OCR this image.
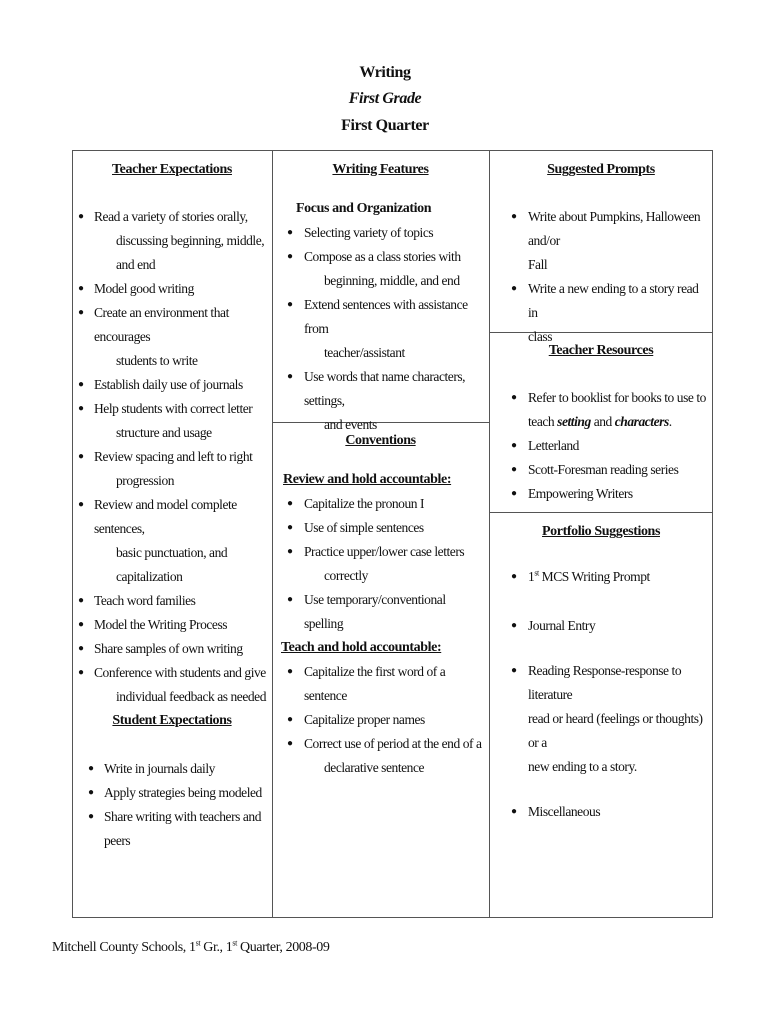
Writing
First Grade
First Quarter
Teacher Expectations
● Read a variety of stories orally,
discussing beginning, middle,
and end
● Model good writing
● Create an environment that encourages
students to write
● Establish daily use of journals
● Help students with correct letter
structure and usage
● Review spacing and left to right
progression
● Review and model complete sentences,
basic punctuation, and capitalization
● Teach word families
● Model the Writing Process
● Share samples of own writing
● Conference with students and give
individual feedback as needed
Student Expectations
● Write in journals daily
● Apply strategies being modeled
● Share writing with teachers and peers
Writing Features
Focus and Organization
● Selecting variety of topics
● Compose as a class stories with
beginning, middle, and end
● Extend sentences with assistance from
teacher/assistant
● Use words that name characters, settings,
and events
Conventions
Review and hold accountable:
● Capitalize the pronoun I
● Use of simple sentences
● Practice upper/lower case letters
correctly
● Use temporary/conventional spelling
Teach and hold accountable:
● Capitalize the first word of a sentence
● Capitalize proper names
● Correct use of period at the end of a
declarative sentence
Suggested Prompts
● Write about Pumpkins, Halloween and/or
Fall
● Write a new ending to a story read in
class
Teacher Resources
● Refer to booklist for books to use to
teach setting and characters.
● Letterland
● Scott-Foresman reading series
● Empowering Writers
Portfolio Suggestions
● 1st MCS Writing Prompt
● Journal Entry
● Reading Response-response to literature
read or heard (feelings or thoughts) or a
new ending to a story.
● Miscellaneous
Mitchell County Schools, 1st Gr., 1st Quarter, 2008-09
